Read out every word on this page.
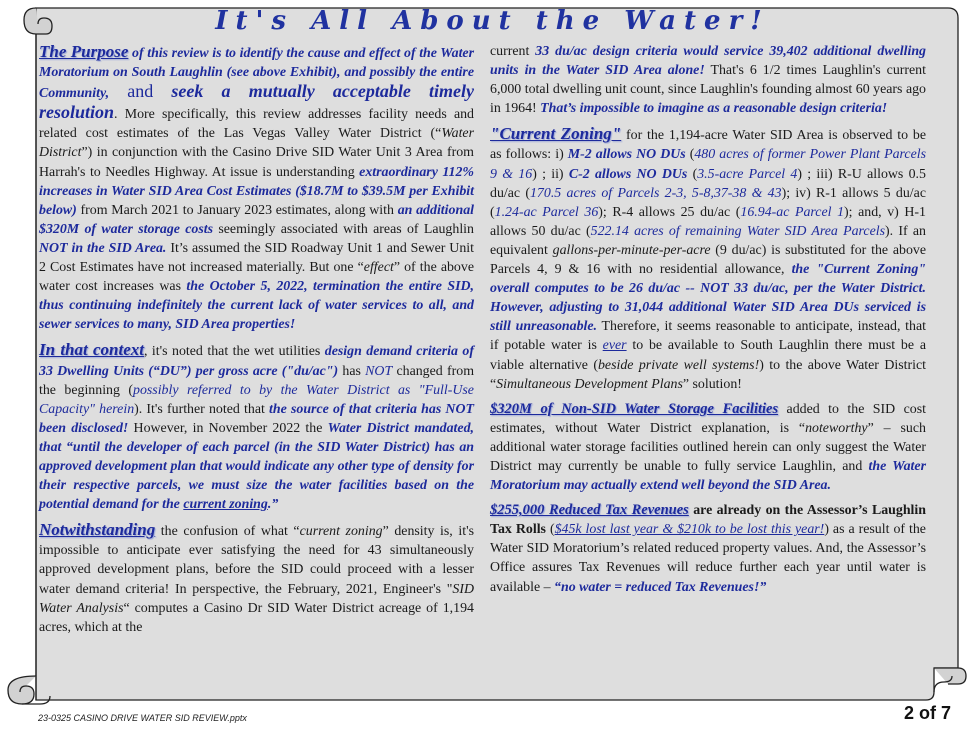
It's All About the Water!

The Purpose of this review is to identify the cause and effect of the Water Moratorium on South Laughlin (see above Exhibit), and possibly the entire Community, and seek a mutually acceptable timely resolution. More specifically, this review addresses facility needs and related cost estimates of the Las Vegas Valley Water District (“Water District”) in conjunction with the Casino Drive SID Water Unit 3 Area from Harrah's to Needles Highway. At issue is understanding extraordinary 112% increases in Water SID Area Cost Estimates ($18.7M to $39.5M per Exhibit below) from March 2021 to January 2023 estimates, along with an additional $320M of water storage costs seemingly associated with areas of Laughlin NOT in the SID Area. It’s assumed the SID Roadway Unit 1 and Sewer Unit 2 Cost Estimates have not increased materially. But one “effect” of the above water cost increases was the October 5, 2022, termination the entire SID, thus continuing indefinitely the current lack of water services to all, and sewer services to many, SID Area properties!

In that context, it's noted that the wet utilities design demand criteria of 33 Dwelling Units (“DU”) per gross acre ("du/ac") has NOT changed from the beginning (possibly referred to by the Water District as "Full-Use Capacity" herein). It's further noted that the source of that criteria has NOT been disclosed! However, in November 2022 the Water District mandated, that “until the developer of each parcel (in the SID Water District) has an approved development plan that would indicate any other type of density for their respective parcels, we must size the water facilities based on the potential demand for the current zoning.”

Notwithstanding the confusion of what “current zoning” density is, it's impossible to anticipate ever satisfying the need for 43 simultaneously approved development plans, before the SID could proceed with a lesser water demand criteria! In perspective, the February, 2021, Engineer's "SID Water Analysis“ computes a Casino Dr SID Water District acreage of 1,194 acres, which at the

current 33 du/ac design criteria would service 39,402 additional dwelling units in the Water SID Area alone! That's 6 1/2 times Laughlin's current 6,000 total dwelling unit count, since Laughlin's founding almost 60 years ago in 1964! That’s impossible to imagine as a reasonable design criteria!

"Current Zoning" for the 1,194-acre Water SID Area is observed to be as follows: i) M-2 allows NO DUs (480 acres of former Power Plant Parcels 9 & 16) ; ii) C-2 allows NO DUs (3.5-acre Parcel 4) ; iii) R-U allows 0.5 du/ac (170.5 acres of Parcels 2-3, 5-8,37-38 & 43); iv) R-1 allows 5 du/ac (1.24-ac Parcel 36); R-4 allows 25 du/ac (16.94-ac Parcel 1); and, v) H-1 allows 50 du/ac (522.14 acres of remaining Water SID Area Parcels). If an equivalent gallons-per-minute-per-acre (9 du/ac) is substituted for the above Parcels 4, 9 & 16 with no residential allowance, the "Current Zoning" overall computes to be 26 du/ac -- NOT 33 du/ac, per the Water District. However, adjusting to 31,044 additional Water SID Area DUs serviced is still unreasonable. Therefore, it seems reasonable to anticipate, instead, that if potable water is ever to be available to South Laughlin there must be a viable alternative (beside private well systems!) to the above Water District “Simultaneous Development Plans” solution!

$320M of Non-SID Water Storage Facilities added to the SID cost estimates, without Water District explanation, is “noteworthy” – such additional water storage facilities outlined herein can only suggest the Water District may currently be unable to fully service Laughlin, and the Water Moratorium may actually extend well beyond the SID Area.

$255,000 Reduced Tax Revenues are already on the Assessor’s Laughlin Tax Rolls ($45k lost last year & $210k to be lost this year!) as a result of the Water SID Moratorium’s related reduced property values. And, the Assessor’s Office assures Tax Revenues will reduce further each year until water is available – “no water = reduced Tax Revenues!”

23-0325 CASINO DRIVE WATER SID REVIEW.pptx	2 of 7
